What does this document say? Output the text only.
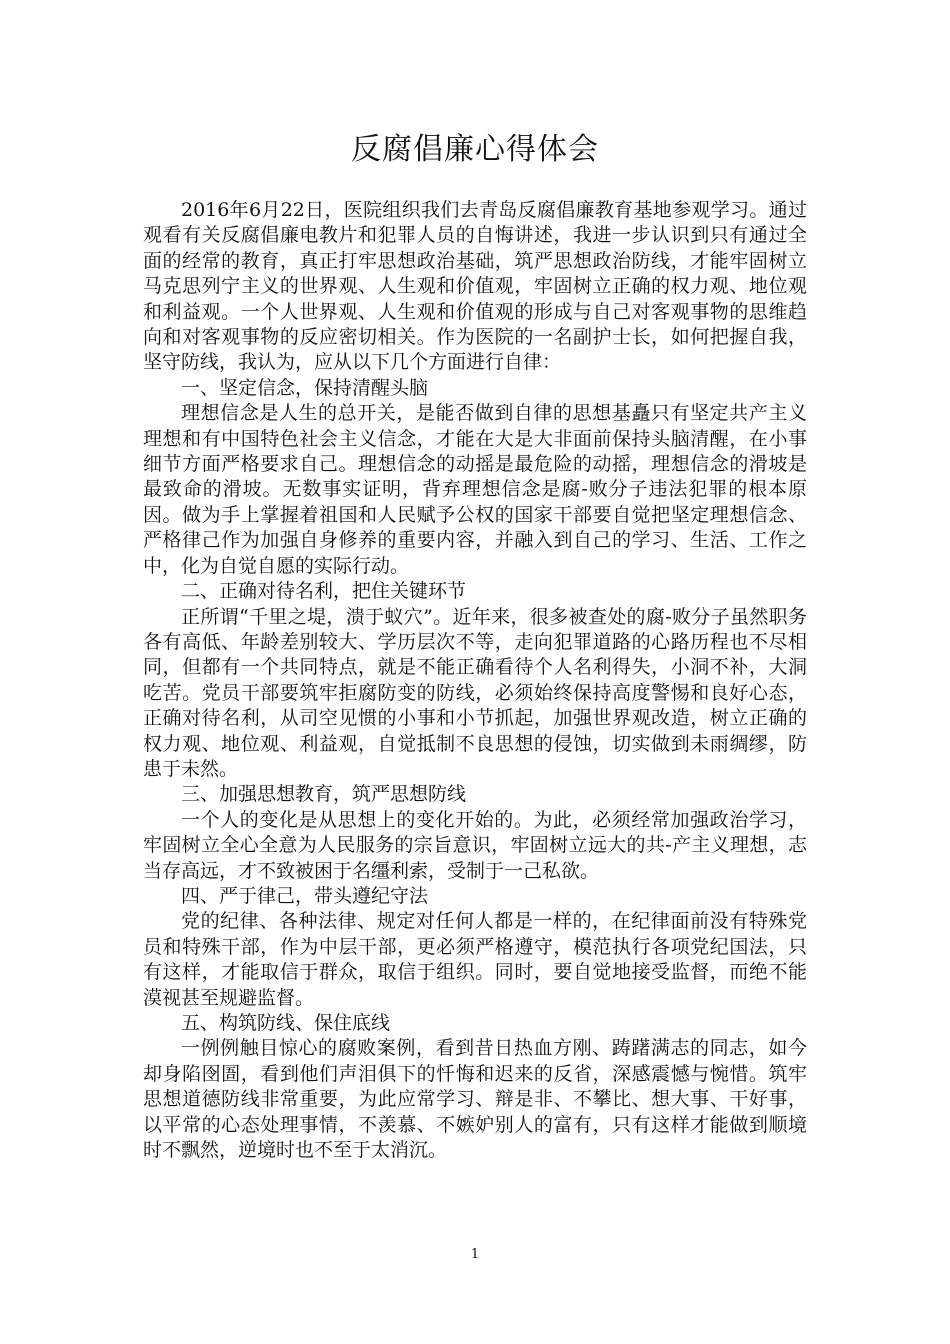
反腐倡廉心得体会

2016年6月22日，医院组织我们去青岛反腐倡廉教育基地参观学习。通过观看有关反腐倡廉电教片和犯罪人员的自悔讲述，我进一步认识到只有通过全面的经常的教育，真正打牢思想政治基础，筑严思想政治防线，才能牢固树立马克思列宁主义的世界观、人生观和价值观，牢固树立正确的权力观、地位观和利益观。一个人世界观、人生观和价值观的形成与自己对客观事物的思维趋向和对客观事物的反应密切相关。作为医院的一名副护士长，如何把握自我，坚守防线，我认为，应从以下几个方面进行自律：

一、坚定信念，保持清醒头脑

理想信念是人生的总开关，是能否做到自律的思想基矗只有坚定共产主义理想和有中国特色社会主义信念，才能在大是大非面前保持头脑清醒，在小事细节方面严格要求自己。理想信念的动摇是最危险的动摇，理想信念的滑坡是最致命的滑坡。无数事实证明，背弃理想信念是腐-败分子违法犯罪的根本原因。做为手上掌握着祖国和人民赋予公权的国家干部要自觉把坚定理想信念、严格律己作为加强自身修养的重要内容，并融入到自己的学习、生活、工作之中，化为自觉自愿的实际行动。

二、正确对待名利，把住关键环节

正所谓“千里之堤，溃于蚁穴”。近年来，很多被查处的腐-败分子虽然职务各有高低、年龄差别较大、学历层次不等，走向犯罪道路的心路历程也不尽相同，但都有一个共同特点，就是不能正确看待个人名利得失，小洞不补，大洞吃苦。党员干部要筑牢拒腐防变的防线，必须始终保持高度警惕和良好心态，正确对待名利，从司空见惯的小事和小节抓起，加强世界观改造，树立正确的权力观、地位观、利益观，自觉抵制不良思想的侵蚀，切实做到未雨绸缪，防患于未然。

三、加强思想教育，筑严思想防线

一个人的变化是从思想上的变化开始的。为此，必须经常加强政治学习，牢固树立全心全意为人民服务的宗旨意识，牢固树立远大的共-产主义理想，志当存高远，才不致被困于名缰利索，受制于一己私欲。

四、严于律己，带头遵纪守法

党的纪律、各种法律、规定对任何人都是一样的，在纪律面前没有特殊党员和特殊干部，作为中层干部，更必须严格遵守，模范执行各项党纪国法，只有这样，才能取信于群众，取信于组织。同时，要自觉地接受监督，而绝不能漠视甚至规避监督。

五、构筑防线、保住底线

一例例触目惊心的腐败案例，看到昔日热血方刚、踌躇满志的同志，如今却身陷囹圄，看到他们声泪俱下的忏悔和迟来的反省，深感震憾与惋惜。筑牢思想道德防线非常重要，为此应常学习、辩是非、不攀比、想大事、干好事，以平常的心态处理事情，不羡慕、不嫉妒别人的富有，只有这样才能做到顺境时不飘然，逆境时也不至于太消沉。

1
